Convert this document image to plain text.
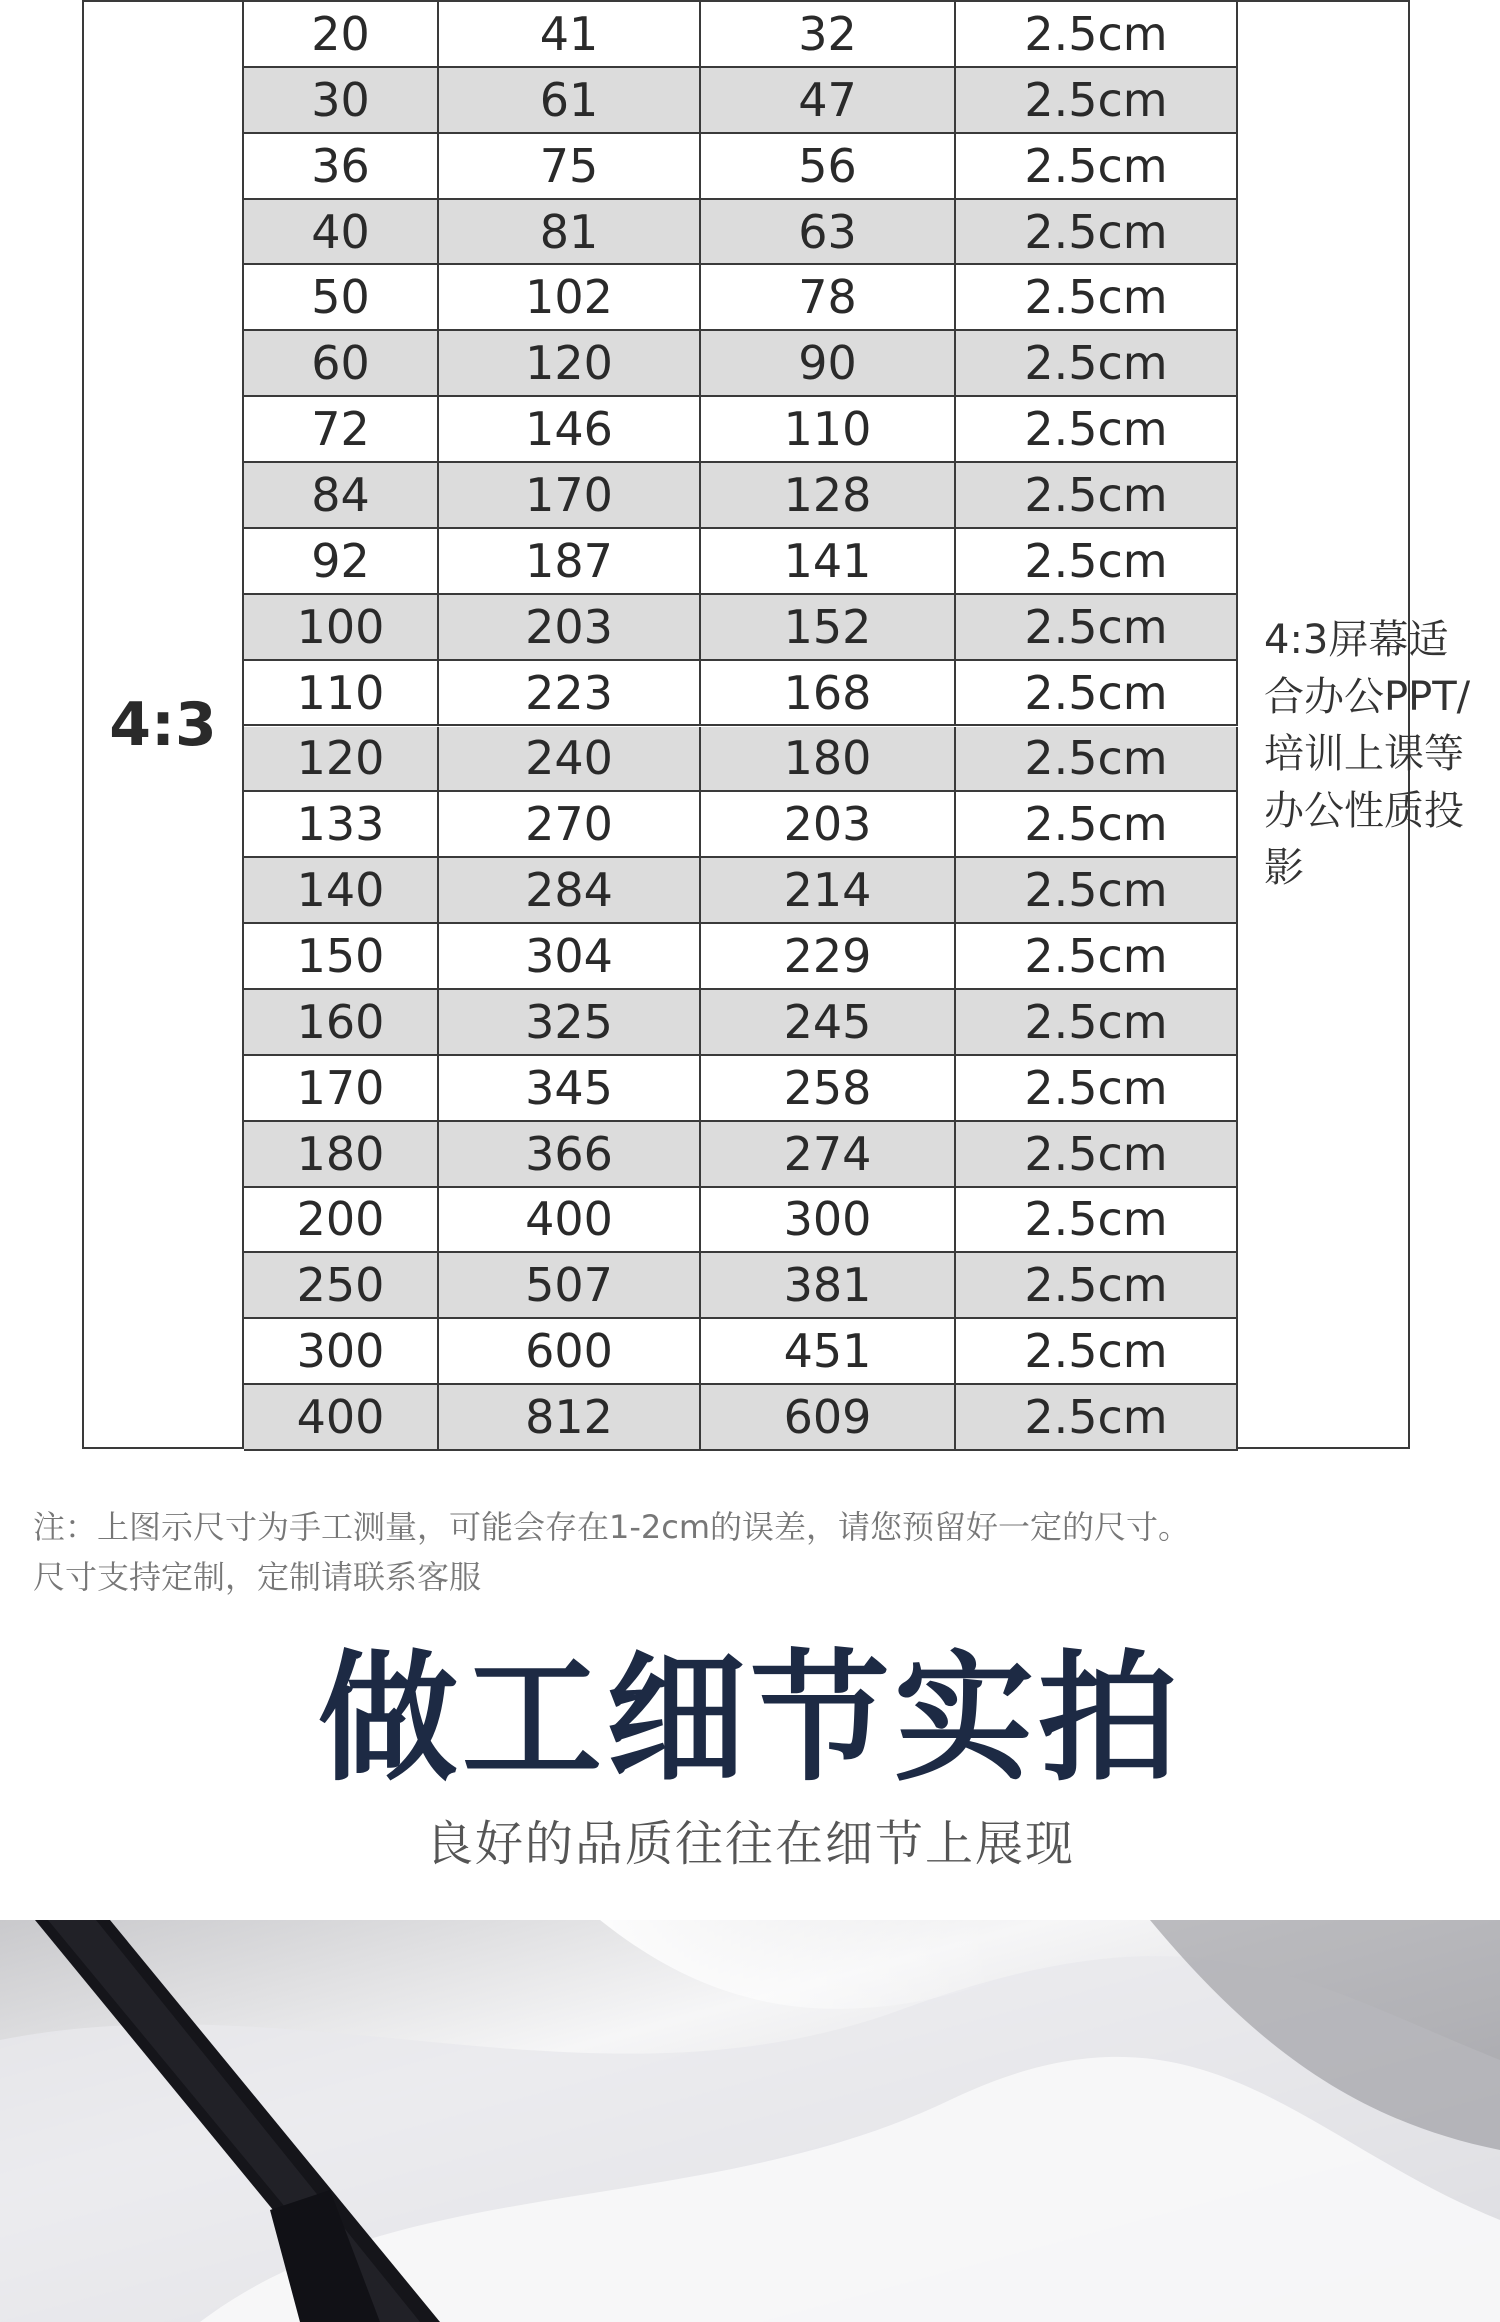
4:3
20	41	32	2.5cm
30	61	47	2.5cm
36	75	56	2.5cm
40	81	63	2.5cm
50	102	78	2.5cm
60	120	90	2.5cm
72	146	110	2.5cm
84	170	128	2.5cm
92	187	141	2.5cm
100	203	152	2.5cm
110	223	168	2.5cm
120	240	180	2.5cm
133	270	203	2.5cm
140	284	214	2.5cm
150	304	229	2.5cm
160	325	245	2.5cm
170	345	258	2.5cm
180	366	274	2.5cm
200	400	300	2.5cm
250	507	381	2.5cm
300	600	451	2.5cm
400	812	609	2.5cm
4:3屏幕适合办公PPT/培训上课等办公性质投影
注：上图示尺寸为手工测量，可能会存在1-2cm的误差，请您预留好一定的尺寸。
尺寸支持定制，定制请联系客服
做工细节实拍
良好的品质往往在细节上展现
